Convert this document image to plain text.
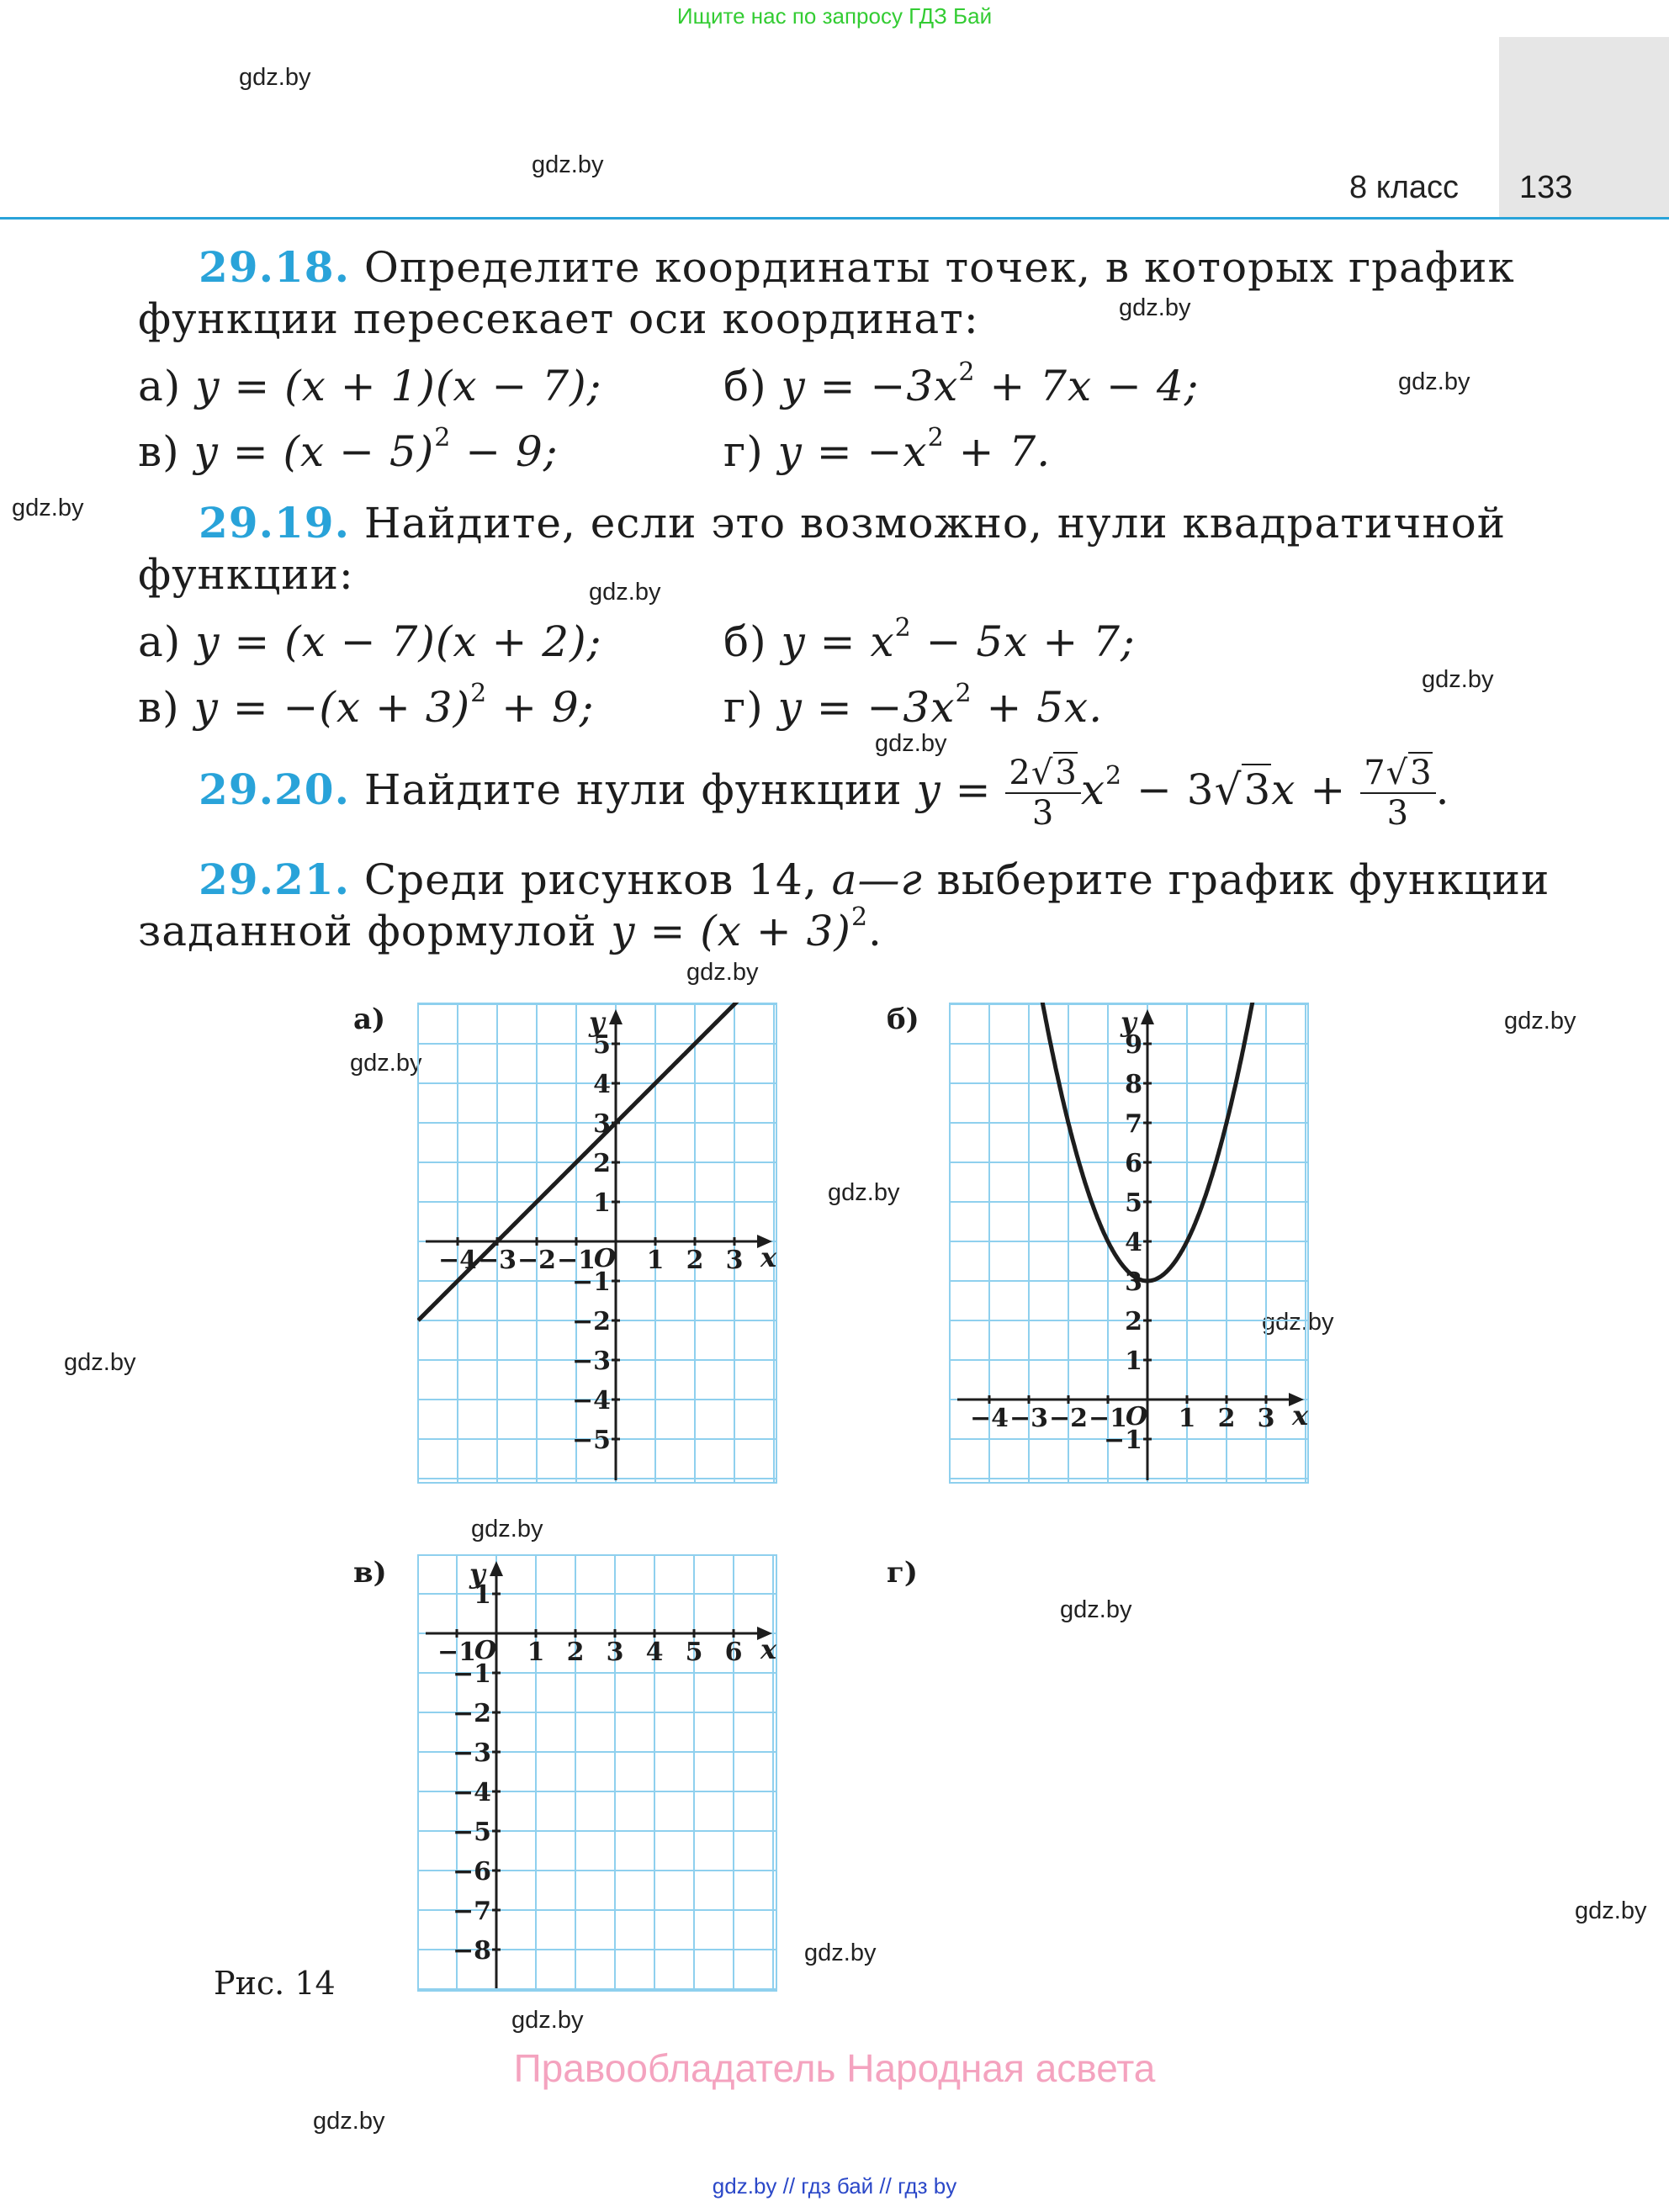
Ищите нас по запросу ГДЗ Бай
8 класс 133
gdz.by
gdz.by
gdz.by
gdz.by
gdz.by
gdz.by
gdz.by
gdz.by
gdz.by
gdz.by
gdz.by
gdz.by
gdz.by
gdz.by
gdz.by
gdz.by
gdz.by
gdz.by
gdz.by
gdz.by
29.18. Определите координаты точек, в которых график
функции пересекает оси координат:
а) y = (x + 1)(x − 7);	б) $y = -3x^2 + 7x - 4$;
в) $y = (x - 5)^2 - 9$;	г) $y = -x^2 + 7$.
29.19. Найдите, если это возможно, нули квадратичной
функции:
а) y = (x − 7)(x + 2);	б) $y = x^2 - 5x + 7$;
в) $y = -(x + 3)^2 + 9$;	г) $y = -3x^2 + 5x$.
29.20. Найдите нули функции $y = \frac{2√3}{3} x^2 - 3√3x + \frac{7√3}{3}$ .
29.21. Среди рисунков 14, а—г выберите график функции
заданной формулой $y = (x + 3)^2$.
а)	б)
в)	г)
x
y
O
−4 −3 −2 −1 1 2 3
5
4
3
2
1
−1
−2
−3
−4
−5
x
y
O
−4 −3 −2 −1 1 2 3
9
8
7
6
5
4
3
2
1
−1
x
y
O
−1 1 2 3 4 5 6
1
−1
−2
−3
−4
−5
−6
−7
−8
Рис. 14
Правообладатель Народная асвета
gdz.by // гдз бай // гдз by
